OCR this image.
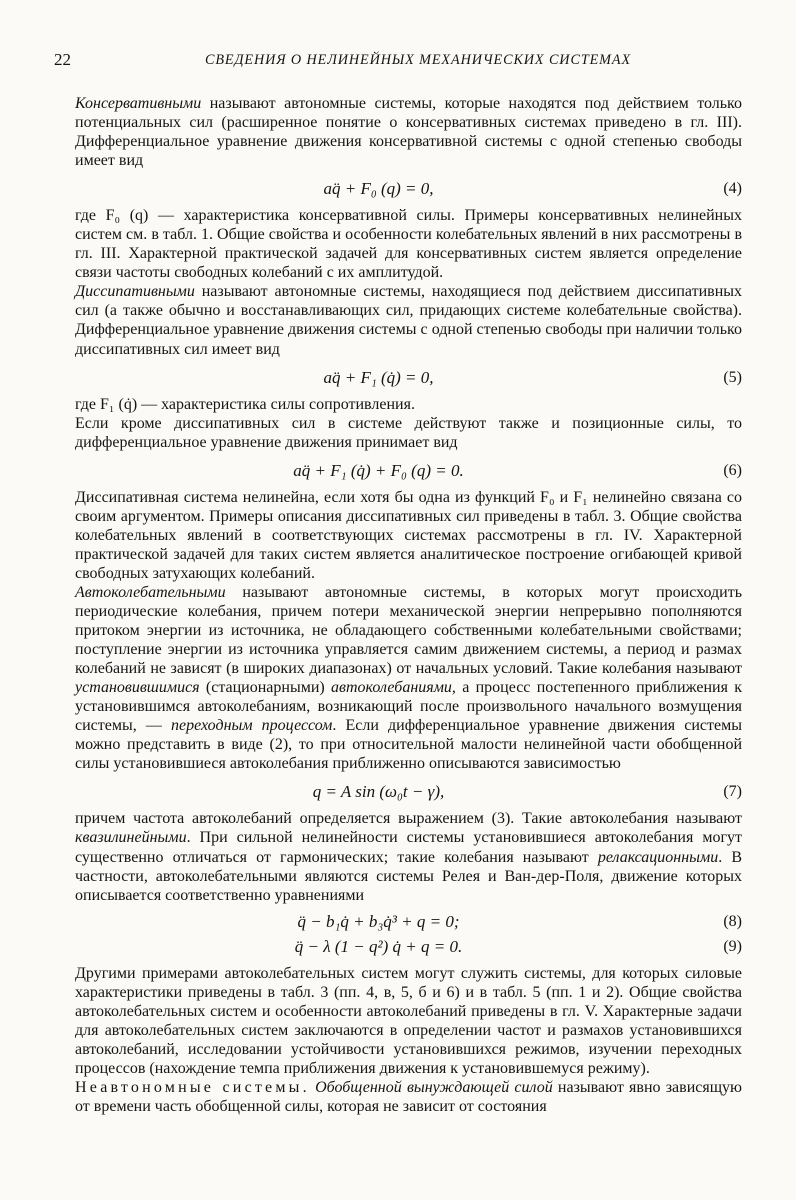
22	СВЕДЕНИЯ О НЕЛИНЕЙНЫХ МЕХАНИЧЕСКИХ СИСТЕМАХ

Консервативными называют автономные системы, которые находятся под действием только потенциальных сил (расширенное понятие о консервативных системах приведено в гл. III). Дифференциальное уравнение движения консервативной системы с одной степенью свободы имеет вид

aq̈ + F₀ (q) = 0,	(4)

где F₀ (q) — характеристика консервативной силы. Примеры консервативных нелинейных систем см. в табл. 1. Общие свойства и особенности колебательных явлений в них рассмотрены в гл. III. Характерной практической задачей для консервативных систем является определение связи частоты свободных колебаний с их амплитудой.

Диссипативными называют автономные системы, находящиеся под действием диссипативных сил (а также обычно и восстанавливающих сил, придающих системе колебательные свойства). Дифференциальное уравнение движения системы с одной степенью свободы при наличии только диссипативных сил имеет вид

aq̈ + F₁ (q̇) = 0,	(5)

где F₁ (q̇) — характеристика силы сопротивления.

Если кроме диссипативных сил в системе действуют также и позиционные силы, то дифференциальное уравнение движения принимает вид

aq̈ + F₁ (q̇) + F₀ (q) = 0.	(6)

Диссипативная система нелинейна, если хотя бы одна из функций F₀ и F₁ нелинейно связана со своим аргументом. Примеры описания диссипативных сил приведены в табл. 3. Общие свойства колебательных явлений в соответствующих системах рассмотрены в гл. IV. Характерной практической задачей для таких систем является аналитическое построение огибающей кривой свободных затухающих колебаний.

Автоколебательными называют автономные системы, в которых могут происходить периодические колебания, причем потери механической энергии непрерывно пополняются притоком энергии из источника, не обладающего собственными колебательными свойствами; поступление энергии из источника управляется самим движением системы, а период и размах колебаний не зависят (в широких диапазонах) от начальных условий. Такие колебания называют установившимися (стационарными) автоколебаниями, а процесс постепенного приближения к установившимся автоколебаниям, возникающий после произвольного начального возмущения системы, — переходным процессом. Если дифференциальное уравнение движения системы можно представить в виде (2), то при относительной малости нелинейной части обобщенной силы установившиеся автоколебания приближенно описываются зависимостью

q = A sin (ω₀t − γ),	(7)

причем частота автоколебаний определяется выражением (3). Такие автоколебания называют квазилинейными. При сильной нелинейности системы установившиеся автоколебания могут существенно отличаться от гармонических; такие колебания называют релаксационными. В частности, автоколебательными являются системы Релея и Ван-дер-Поля, движение которых описывается соответственно уравнениями

q̈ − b₁q̇ + b₃q̇³ + q = 0;	(8)
q̈ − λ (1 − q²) q̇ + q = 0.	(9)

Другими примерами автоколебательных систем могут служить системы, для которых силовые характеристики приведены в табл. 3 (пп. 4, в, 5, б и 6) и в табл. 5 (пп. 1 и 2). Общие свойства автоколебательных систем и особенности автоколебаний приведены в гл. V. Характерные задачи для автоколебательных систем заключаются в определении частот и размахов установившихся автоколебаний, исследовании устойчивости установившихся режимов, изучении переходных процессов (нахождение темпа приближения движения к установившемуся режиму).

Неавтономные системы. Обобщенной вынуждающей силой называют явно зависящую от времени часть обобщенной силы, которая не зависит от состояния
